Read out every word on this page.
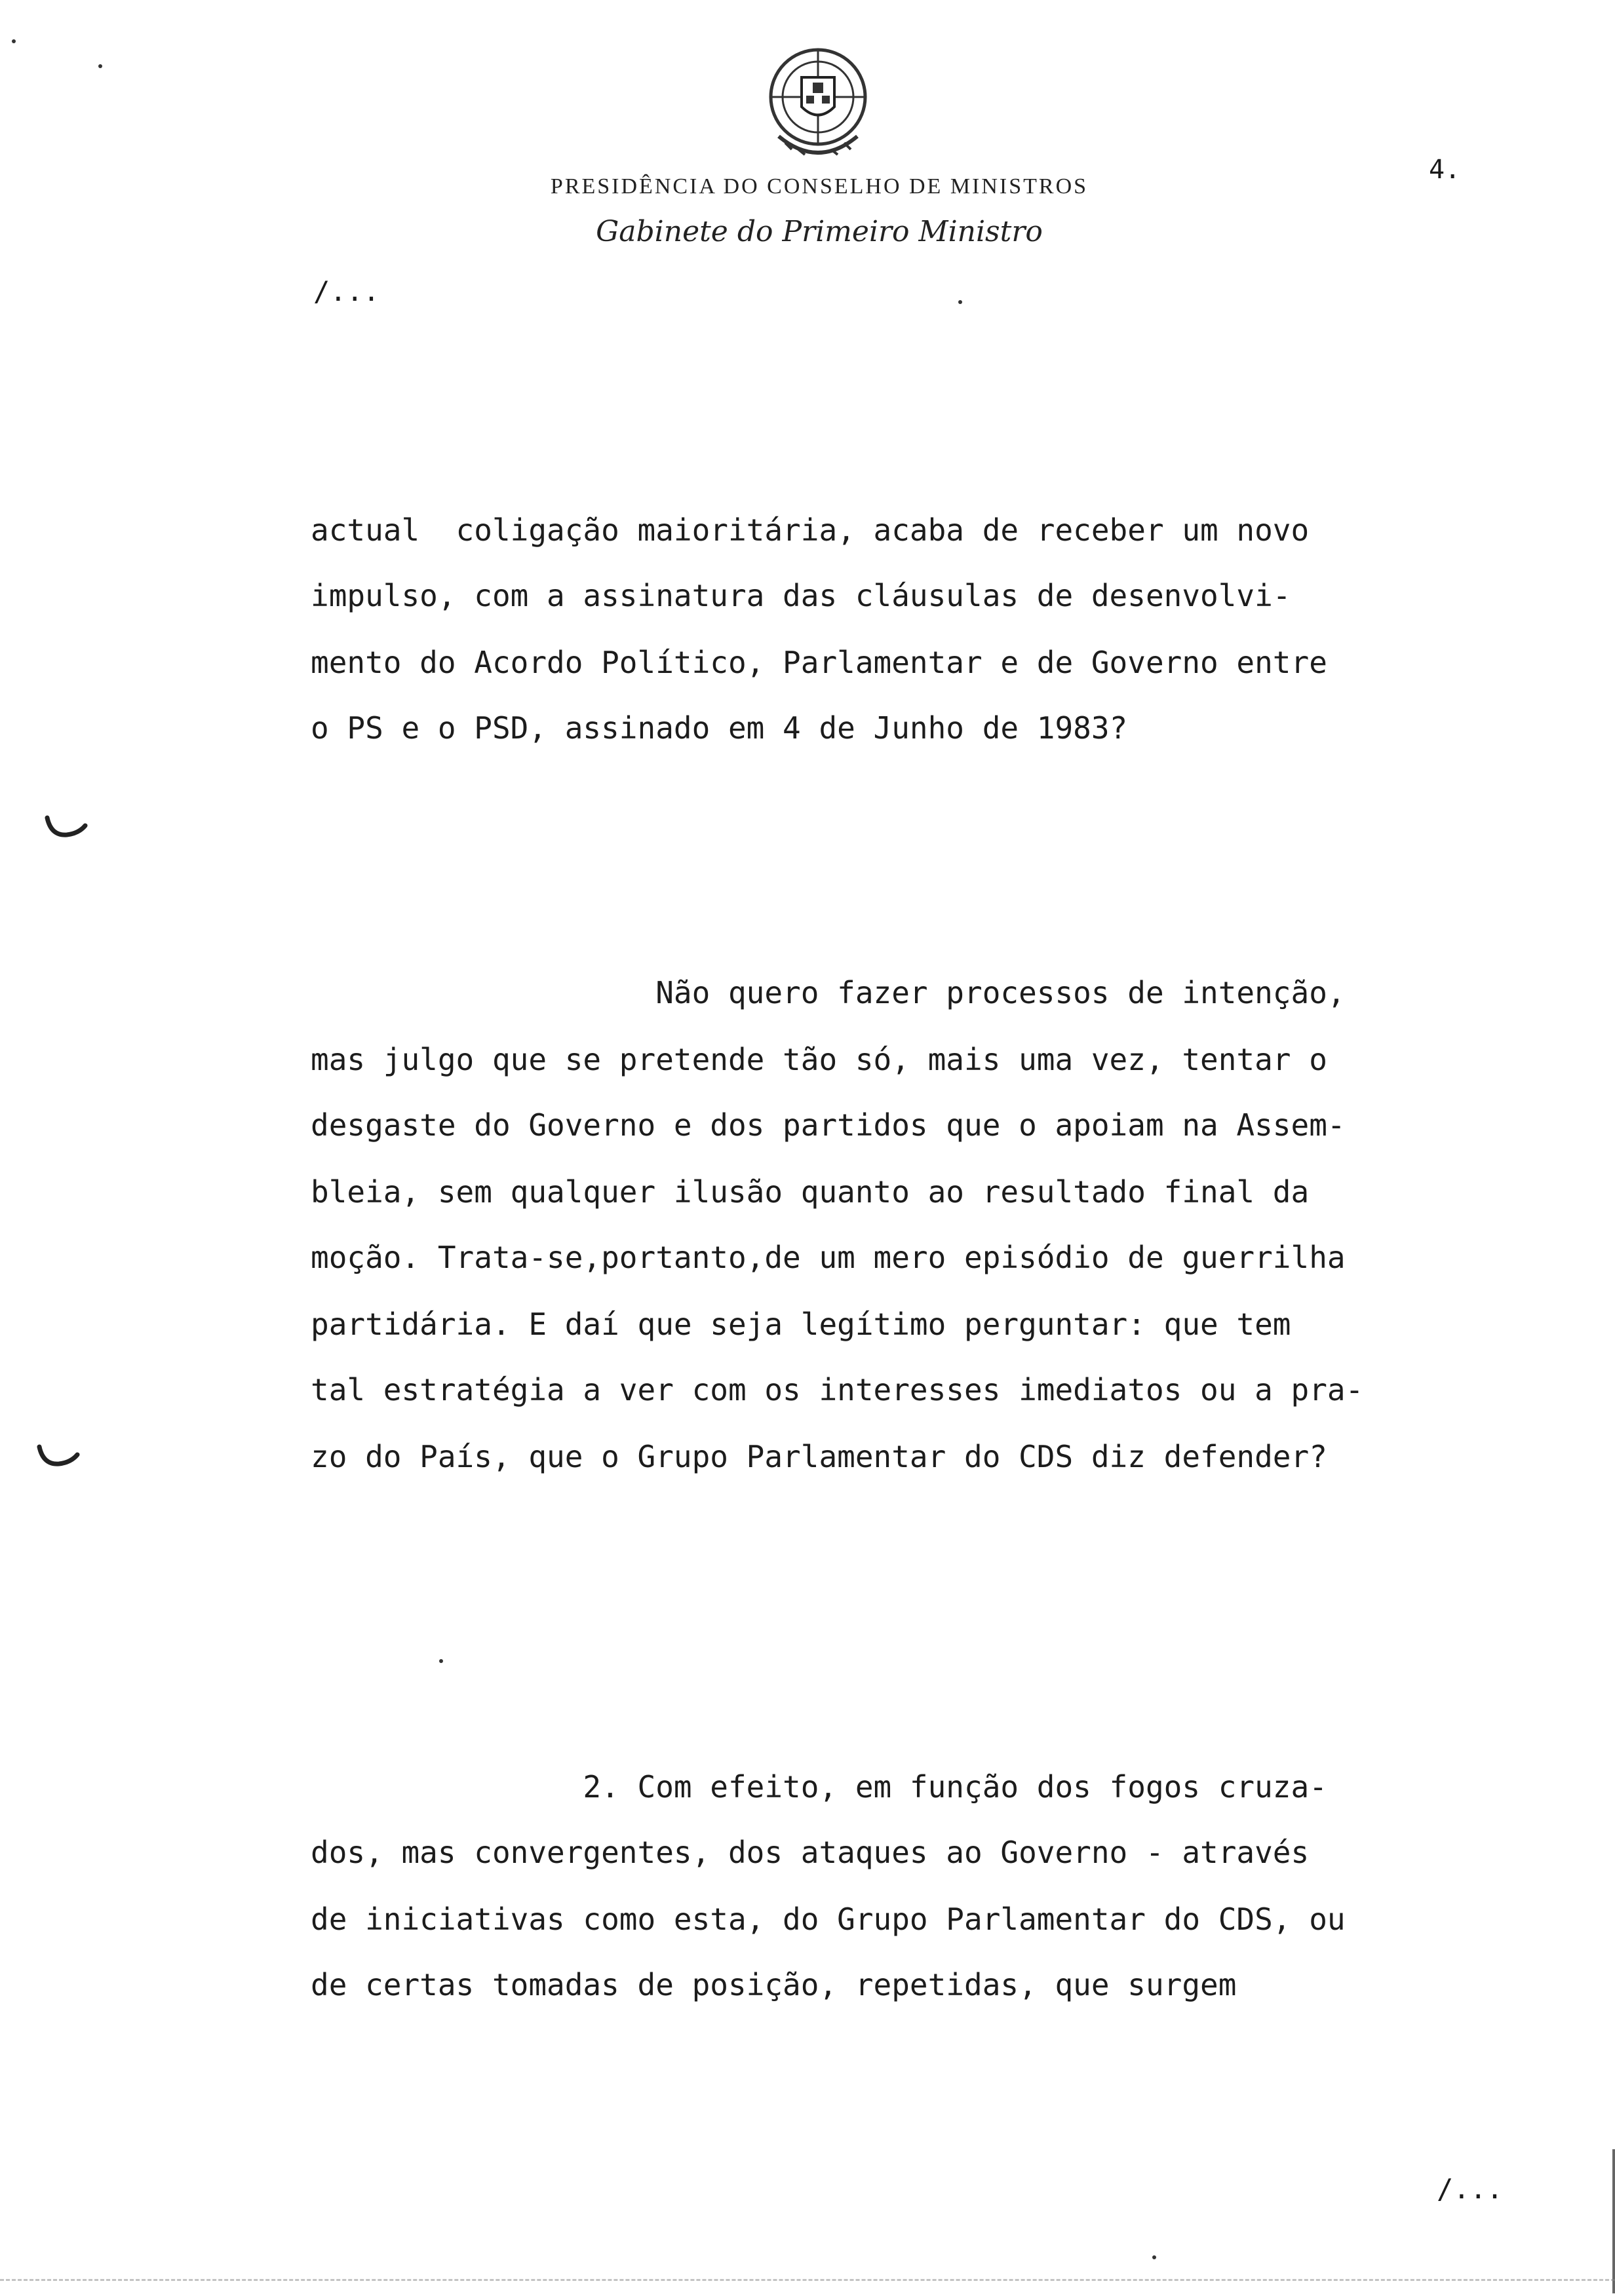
PRESIDÊNCIA DO CONSELHO DE MINISTROS
Gabinete do Primeiro Ministro
4.
/...
actual  coligação maioritária, acaba de receber um novo
impulso, com a assinatura das cláusulas de desenvolvi-
mento do Acordo Político, Parlamentar e de Governo entre
o PS e o PSD, assinado em 4 de Junho de 1983?
Não quero fazer processos de intenção,
mas julgo que se pretende tão só, mais uma vez, tentar o
desgaste do Governo e dos partidos que o apoiam na Assem-
bleia, sem qualquer ilusão quanto ao resultado final da
moção. Trata-se,portanto,de um mero episódio de guerrilha
partidária. E daí que seja legítimo perguntar: que tem
tal estratégia a ver com os interesses imediatos ou a pra-
zo do País, que o Grupo Parlamentar do CDS diz defender?
2. Com efeito, em função dos fogos cruza-
dos, mas convergentes, dos ataques ao Governo - através
de iniciativas como esta, do Grupo Parlamentar do CDS, ou
de certas tomadas de posição, repetidas, que surgem
/...
